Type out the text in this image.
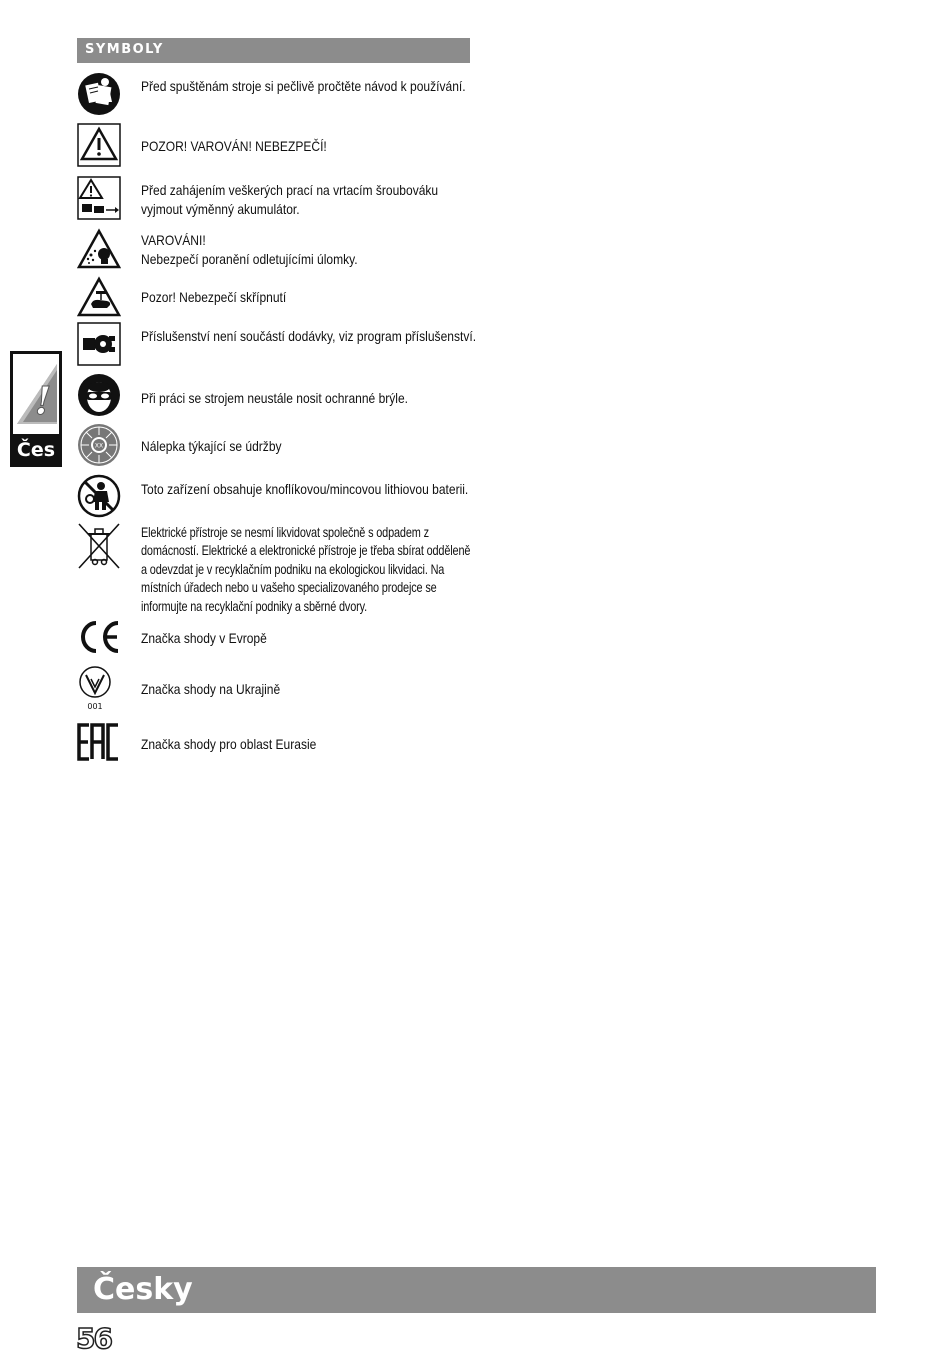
SYMBOLY
!
Čes
Před spuštěnám stroje si pečlivě pročtěte návod k používání.
POZOR! VAROVÁN! NEBEZPEČÍ!
Před zahájením veškerých prací na vrtacím šroubováku vyjmout výměnný akumulátor.
VAROVÁNI!
Nebezpečí poranění odletujícími úlomky.
Pozor! Nebezpečí skřípnutí
Příslušenství není součástí dodávky, viz program příslušenství.
Při práci se strojem neustále nosit ochranné brýle.
XX	Nálepka týkající se údržby
Toto zařízení obsahuje knoflíkovou/mincovou lithiovou baterii.
Elektrické přístroje se nesmí likvidovat společně s odpadem z domácností. Elektrické a elektronické přístroje je třeba sbírat odděleně a odevzdat je v recyklačním podniku na ekologickou likvidaci. Na místních úřadech nebo u vašeho specializovaného prodejce se informujte na recyklační podniky a sběrné dvory.
Značka shody v Evropě
001
Značka shody na Ukrajině
Značka shody pro oblast Eurasie
Česky
56
